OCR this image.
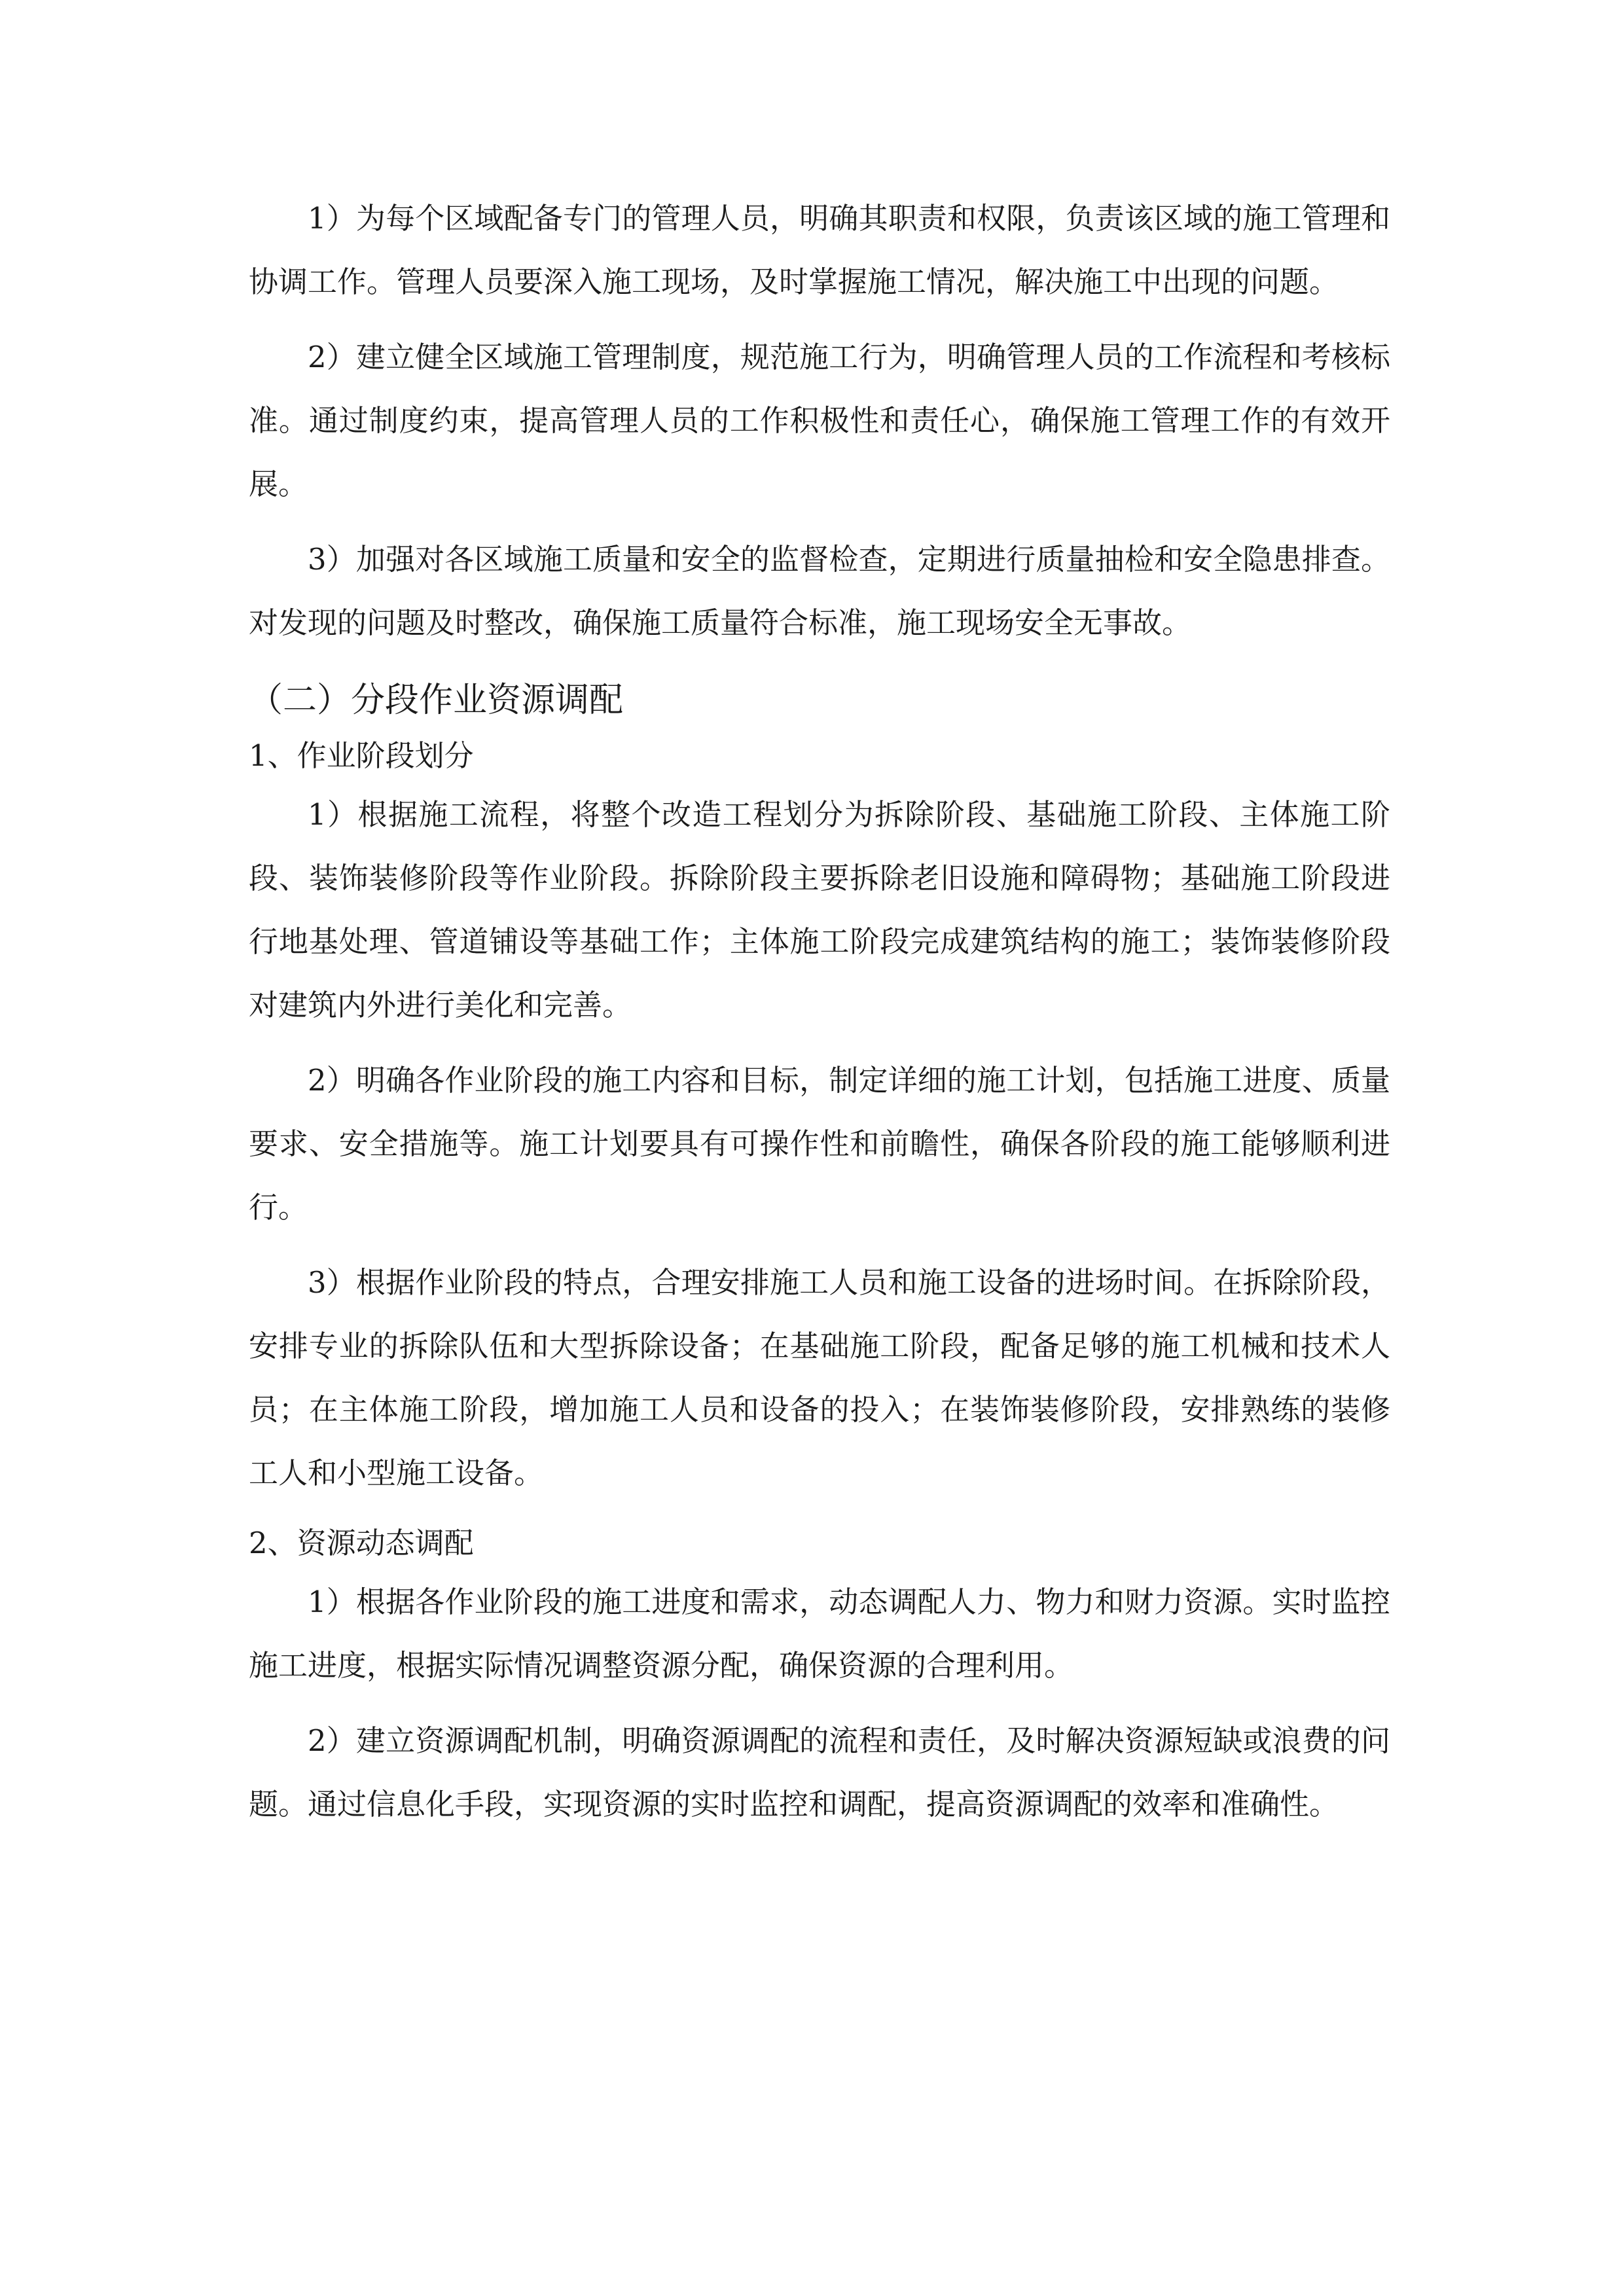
1）为每个区域配备专门的管理人员，明确其职责和权限，负责该区域的施工管理和协调工作。管理人员要深入施工现场，及时掌握施工情况，解决施工中出现的问题。

2）建立健全区域施工管理制度，规范施工行为，明确管理人员的工作流程和考核标准。通过制度约束，提高管理人员的工作积极性和责任心，确保施工管理工作的有效开展。

3）加强对各区域施工质量和安全的监督检查，定期进行质量抽检和安全隐患排查。对发现的问题及时整改，确保施工质量符合标准，施工现场安全无事故。

（二）分段作业资源调配

1、作业阶段划分

1）根据施工流程，将整个改造工程划分为拆除阶段、基础施工阶段、主体施工阶段、装饰装修阶段等作业阶段。拆除阶段主要拆除老旧设施和障碍物；基础施工阶段进行地基处理、管道铺设等基础工作；主体施工阶段完成建筑结构的施工；装饰装修阶段对建筑内外进行美化和完善。

2）明确各作业阶段的施工内容和目标，制定详细的施工计划，包括施工进度、质量要求、安全措施等。施工计划要具有可操作性和前瞻性，确保各阶段的施工能够顺利进行。

3）根据作业阶段的特点，合理安排施工人员和施工设备的进场时间。在拆除阶段，安排专业的拆除队伍和大型拆除设备；在基础施工阶段，配备足够的施工机械和技术人员；在主体施工阶段，增加施工人员和设备的投入；在装饰装修阶段，安排熟练的装修工人和小型施工设备。

2、资源动态调配

1）根据各作业阶段的施工进度和需求，动态调配人力、物力和财力资源。实时监控施工进度，根据实际情况调整资源分配，确保资源的合理利用。

2）建立资源调配机制，明确资源调配的流程和责任，及时解决资源短缺或浪费的问题。通过信息化手段，实现资源的实时监控和调配，提高资源调配的效率和准确性。
